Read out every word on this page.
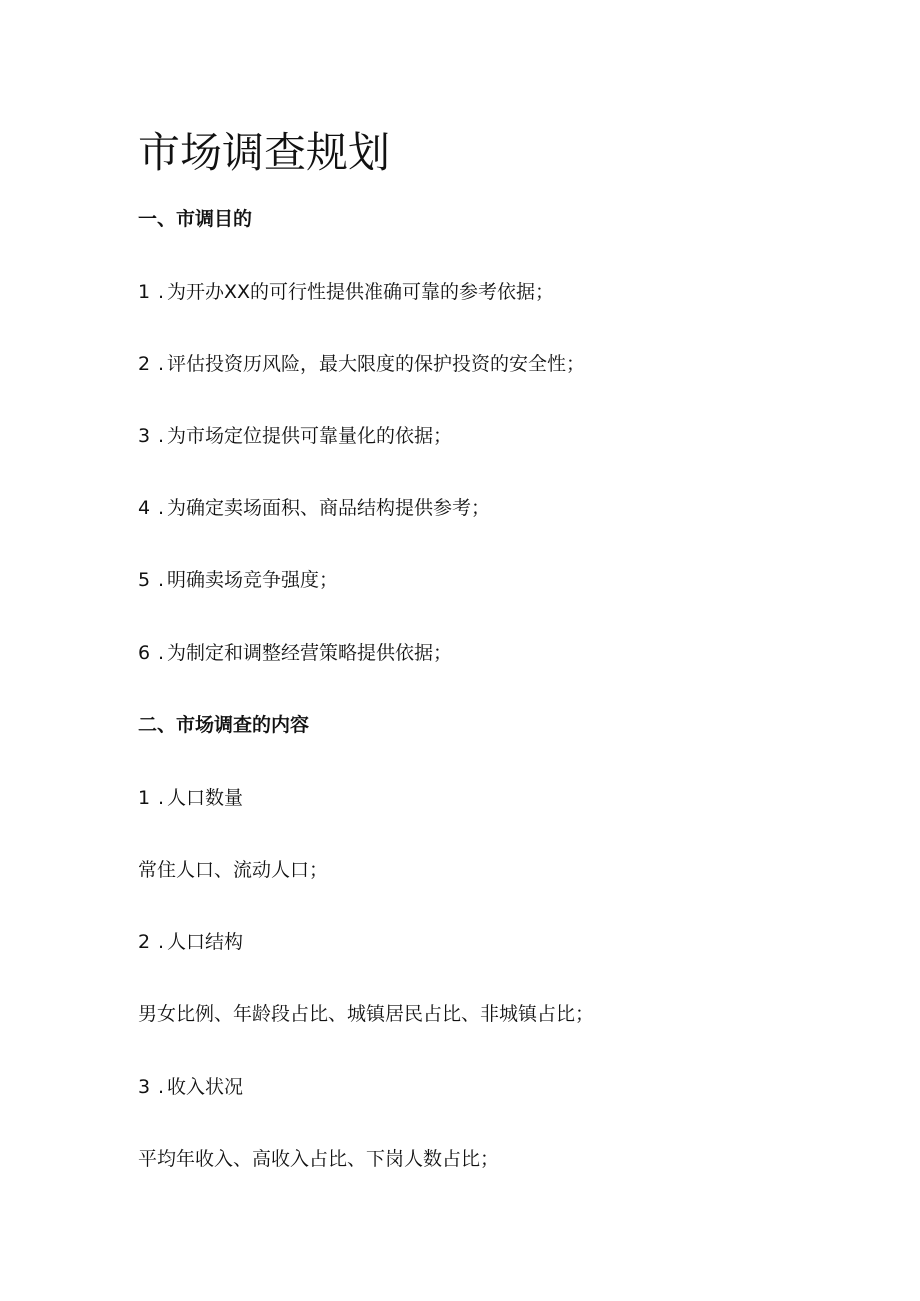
市场调查规划

一、市调目的

1 . 为开办XX的可行性提供准确可靠的参考依据；

2 . 评估投资历风险，最大限度的保护投资的安全性；

3 . 为市场定位提供可靠量化的依据；

4 . 为确定卖场面积、商品结构提供参考；

5 . 明确卖场竞争强度；

6 . 为制定和调整经营策略提供依据；

二、市场调查的内容

1 . 人口数量

常住人口、流动人口；

2 . 人口结构

男女比例、年龄段占比、城镇居民占比、非城镇占比；

3 . 收入状况

平均年收入、高收入占比、下岗人数占比；
